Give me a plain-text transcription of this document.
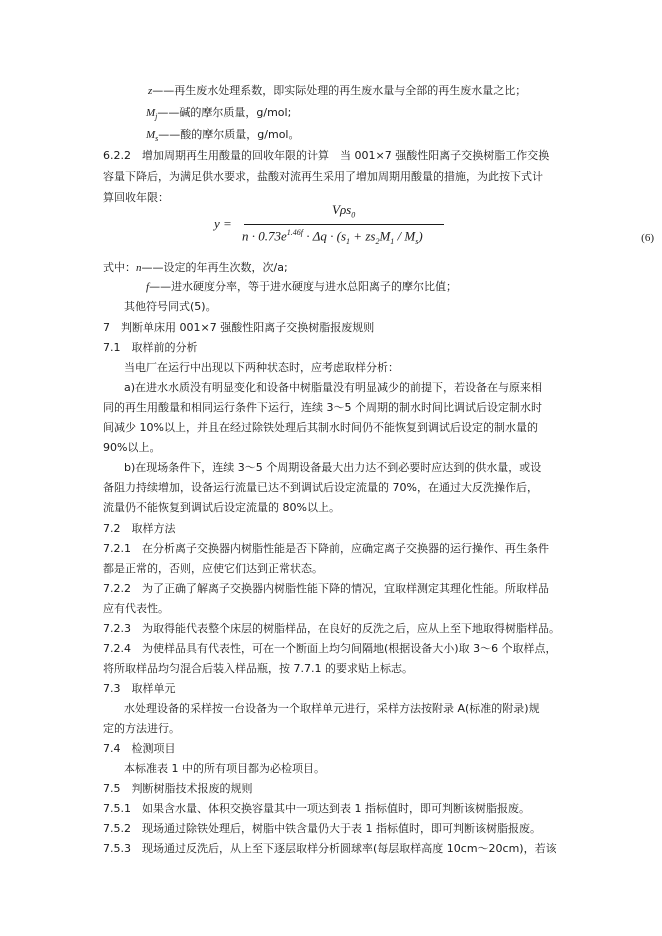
z——再生废水处理系数，即实际处理的再生废水量与全部的再生废水量之比；
$M_j——$碱的摩尔质量，g/mol;
$M_s——$酸的摩尔质量，g/mol。
6.2.2　增加周期再生用酸量的回收年限的计算　当 001×7 强酸性阳离子交换树脂工作交换
容量下降后，为满足供水要求，盐酸对流再生采用了增加周期用酸量的措施，为此按下式计
算回收年限：
y =
Vρs$_0$
$n \cdot 0.73e^{1.46f} \cdot \Delta q \cdot (s_1 + zs_2M_1 / M_s)$	(6)
式中：n——设定的年再生次数，次/a;
f——进水硬度分率，等于进水硬度与进水总阳离子的摩尔比值；
其他符号同式(5)。
7　判断单床用 001×7 强酸性阳离子交换树脂报废规则
7.1　取样前的分析
当电厂在运行中出现以下两种状态时，应考虑取样分析：
a)在进水水质没有明显变化和设备中树脂量没有明显减少的前提下，若设备在与原来相
同的再生用酸量和相同运行条件下运行，连续 3～5 个周期的制水时间比调试后设定制水时
间减少 10%以上，并且在经过除铁处理后其制水时间仍不能恢复到调试后设定的制水量的
90%以上。
b)在现场条件下，连续 3～5 个周期设备最大出力达不到必要时应达到的供水量，或设
备阻力持续增加，设备运行流量已达不到调试后设定流量的 70%，在通过大反洗操作后，
流量仍不能恢复到调试后设定流量的 80%以上。
7.2　取样方法
7.2.1　在分析离子交换器内树脂性能是否下降前，应确定离子交换器的运行操作、再生条件
都是正常的，否则，应使它们达到正常状态。
7.2.2　为了正确了解离子交换器内树脂性能下降的情况，宜取样测定其理化性能。所取样品
应有代表性。
7.2.3　为取得能代表整个床层的树脂样品，在良好的反洗之后，应从上至下地取得树脂样品。
7.2.4　为使样品具有代表性，可在一个断面上均匀间隔地(根据设备大小)取 3～6 个取样点，
将所取样品均匀混合后装入样品瓶，按 7.7.1 的要求贴上标志。
7.3　取样单元
水处理设备的采样按一台设备为一个取样单元进行，采样方法按附录 A(标准的附录)规
定的方法进行。
7.4　检测项目
本标准表 1 中的所有项目都为必检项目。
7.5　判断树脂技术报废的规则
7.5.1　如果含水量、体积交换容量其中一项达到表 1 指标值时，即可判断该树脂报废。
7.5.2　现场通过除铁处理后，树脂中铁含量仍大于表 1 指标值时，即可判断该树脂报废。
7.5.3　现场通过反洗后，从上至下逐层取样分析圆球率(每层取样高度 10cm～20cm)，若该
